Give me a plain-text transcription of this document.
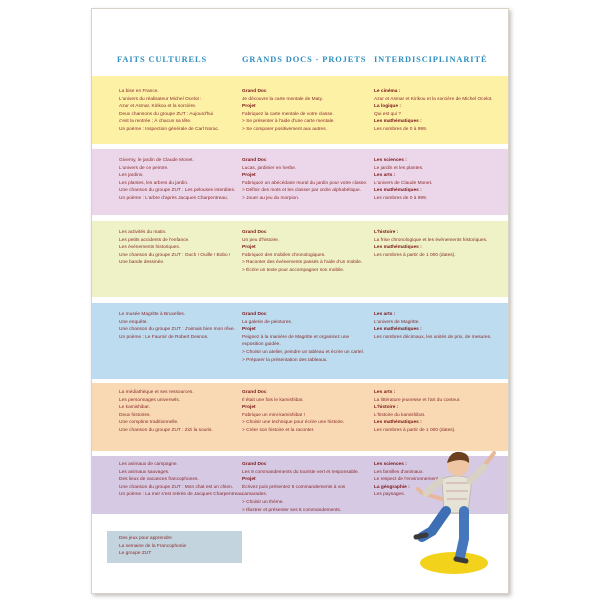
FAITS CULTURELS	GRANDS DOCS - PROJETS INTERDISCIPLINARITÉ

La bise en France.

L'univers du réalisateur Michel Ocelot :

Azur et Asmar, Kirikou et la sorcière.

Deux chansons du groupe ZUT : Aujourd'hui

c'est la rentrée ; À chacun sa tête.

Un poème : Inspection générale de Carl Norac.

Grand Doc

Je découvre la carte mentale de Maty.

Projet

Fabriquez la carte mentale de votre classe.

> Se présenter à l'aide d'une carte mentale.

> Se comparer positivement aux autres.

Le cinéma :

Azur et Asmar et Kirikou et la sorcière de Michel Ocelot.

La logique :

Qui est qui ?

Les mathématiques :

Les nombres de 0 à 999.

Giverny, le jardin de Claude Monet.

L'univers de ce peintre.

Les jardins.

Les plantes, les arbres du jardin.

Une chanson du groupe ZUT : Les pelouses interdites.

Un poème : L'arbre d'après Jacques Charpentreau.

Grand Doc

Lucas, jardinier en herbe.

Projet

Fabriquez un abécédaire mural du jardin pour votre classe.

> Définir des mots et les classer par ordre alphabétique.

> Jouer au jeu du morpion.

Les sciences :

Le jardin et les plantes.

Les arts :

L'univers de Claude Monet.

Les mathématiques :

Les nombres de 0 à 999.

Les activités du matin.

Les petits accidents de l'enfance.

Les événements historiques.

Une chanson du groupe ZUT : Ouch ! Ouille ! Bobo !

Une bande dessinée.

Grand Doc

Un peu d'histoire.

Projet

Fabriquez des mobiles chronologiques.

> Raconter des événements passés à l'aide d'un mobile.

> Écrire un texte pour accompagner son mobile.

L'histoire :

La frise chronologique et les événements historiques.

Les mathématiques :

Les nombres à partir de 1 000 (dates).

Le musée Magritte à Bruxelles.

Une enquête.

Une chanson du groupe ZUT : J'aimais bien mon rêve.

Un poème : Le Fauroir de Robert Desnos.

Grand Doc

La galerie de peintures.

Projet

Peignez à la manière de Magritte et organisez une exposition guidée.

> Choisir un atelier, peindre un tableau et écrire un cartel.

> Préparer la présentation des tableaux.

Les arts :

L'univers de Magritte.

Les mathématiques :

Les nombres décimaux, les unités de prix, de mesures.

La médiathèque et ses ressources.

Les personnages universels.

Le kamishibaï.

Deux histoires.

Une comptine traditionnelle.

Une chanson du groupe ZUT : Zizi la souris.

Grand Doc

Il était une fois le kamishibaï.

Projet

Fabrique un mini-kamishibaï !

> Choisir une technique pour écrire une histoire.

> Créer son histoire et la raconter.

Les arts :

La littérature jeunesse et l'art du conteur.

L'histoire :

L'histoire du kamishibaï.

Les mathématiques :

Les nombres à partir de 1 000 (dates).

Les animaux de campagne.

Les animaux sauvages.

Des lieux de vacances francophones.

Une chanson du groupe ZUT : Mon chat est un chien.

Un poème : La mer s'est retirée de Jacques Charpentreau.

Grand Doc

Les 8 commandements du touriste vert et responsable.

Projet

Écrivez puis présentez 6 commandements à vos camarades.

> Choisir un thème.

> Illustrer et présenter ses 6 commandements.

Les sciences :

Les familles d'animaux.

Le respect de l'environnement.

La géographie :

Les paysages.

Des jeux pour apprendre

La semaine de la Francophonie

Le groupe ZUT
